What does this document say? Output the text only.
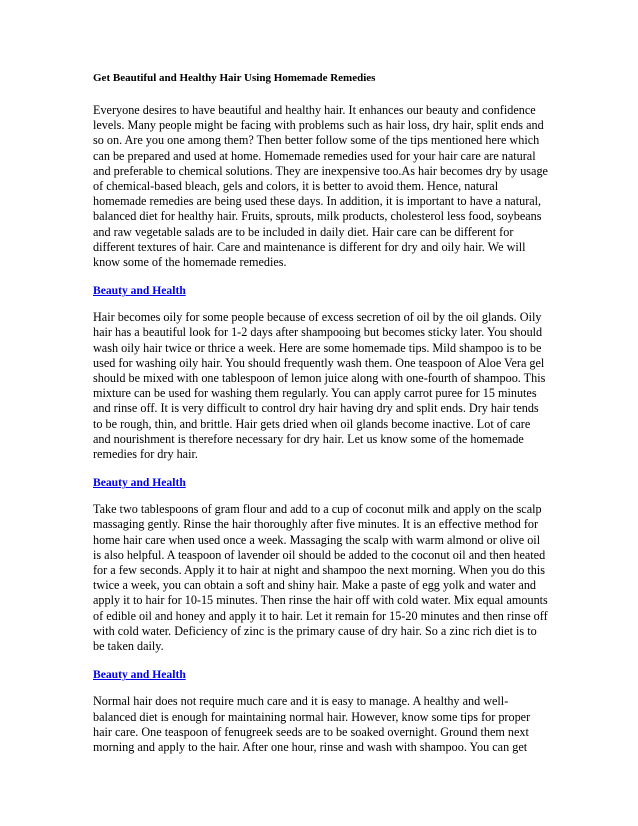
Get Beautiful and Healthy Hair Using Homemade Remedies

Everyone desires to have beautiful and healthy hair. It enhances our beauty and confidence levels. Many people might be facing with problems such as hair loss, dry hair, split ends and so on. Are you one among them? Then better follow some of the tips mentioned here which can be prepared and used at home. Homemade remedies used for your hair care are natural and preferable to chemical solutions. They are inexpensive too.As hair becomes dry by usage of chemical-based bleach, gels and colors, it is better to avoid them. Hence, natural homemade remedies are being used these days. In addition, it is important to have a natural, balanced diet for healthy hair. Fruits, sprouts, milk products, cholesterol less food, soybeans and raw vegetable salads are to be included in daily diet. Hair care can be different for different textures of hair. Care and maintenance is different for dry and oily hair. We will know some of the homemade remedies.

Beauty and Health

Hair becomes oily for some people because of excess secretion of oil by the oil glands. Oily hair has a beautiful look for 1-2 days after shampooing but becomes sticky later. You should wash oily hair twice or thrice a week. Here are some homemade tips. Mild shampoo is to be used for washing oily hair. You should frequently wash them. One teaspoon of Aloe Vera gel should be mixed with one tablespoon of lemon juice along with one-fourth of shampoo. This mixture can be used for washing them regularly. You can apply carrot puree for 15 minutes and rinse off. It is very difficult to control dry hair having dry and split ends. Dry hair tends to be rough, thin, and brittle. Hair gets dried when oil glands become inactive. Lot of care and nourishment is therefore necessary for dry hair. Let us know some of the homemade remedies for dry hair.

Beauty and Health

Take two tablespoons of gram flour and add to a cup of coconut milk and apply on the scalp massaging gently. Rinse the hair thoroughly after five minutes. It is an effective method for home hair care when used once a week. Massaging the scalp with warm almond or olive oil is also helpful. A teaspoon of lavender oil should be added to the coconut oil and then heated for a few seconds. Apply it to hair at night and shampoo the next morning. When you do this twice a week, you can obtain a soft and shiny hair. Make a paste of egg yolk and water and apply it to hair for 10-15 minutes. Then rinse the hair off with cold water. Mix equal amounts of edible oil and honey and apply it to hair. Let it remain for 15-20 minutes and then rinse off with cold water. Deficiency of zinc is the primary cause of dry hair. So a zinc rich diet is to be taken daily.

Beauty and Health

Normal hair does not require much care and it is easy to manage. A healthy and well-balanced diet is enough for maintaining normal hair. However, know some tips for proper hair care. One teaspoon of fenugreek seeds are to be soaked overnight. Ground them next morning and apply to the hair. After one hour, rinse and wash with shampoo. You can get
